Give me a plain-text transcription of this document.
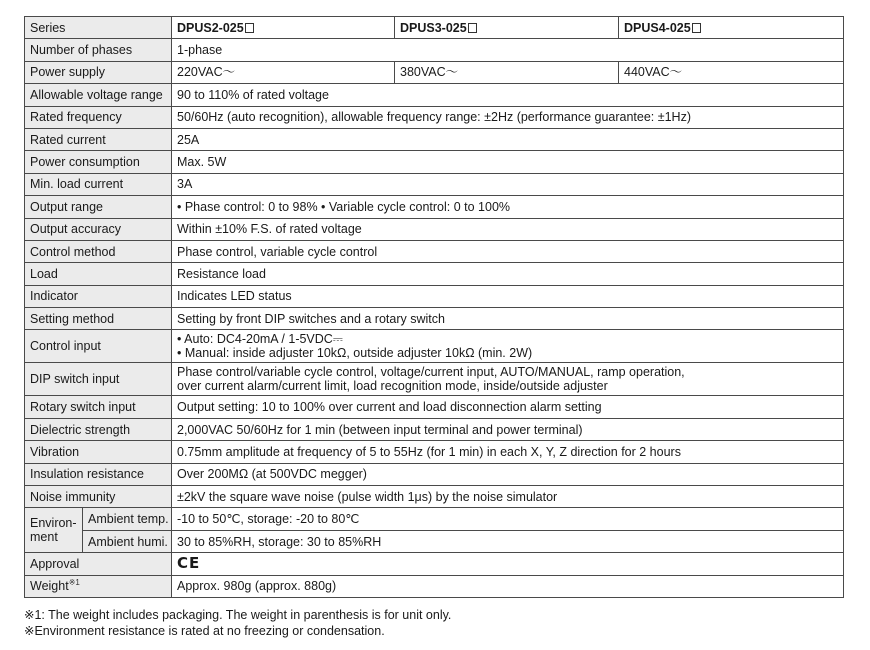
Series		DPUS2-025	DPUS3-025	DPUS4-025
Number of phases		1-phase		
Power supply		220VAC～	380VAC～	440VAC～
Allowable voltage range		90 to 110% of rated voltage		
Rated frequency		50/60Hz (auto recognition), allowable frequency range: ±2Hz (performance guarantee: ±1Hz)		
Rated current		25A		
Power consumption		Max. 5W		
Min. load current		3A		
Output range		• Phase control: 0 to 98% • Variable cycle control: 0 to 100%		
Output accuracy		Within ±10% F.S. of rated voltage		
Control method		Phase control, variable cycle control		
Load		Resistance load		
Indicator		Indicates LED status		
Setting method		Setting by front DIP switches and a rotary switch		
Control input		• Auto: DC4-20mA / 1-5VDC⎓
• Manual: inside adjuster 10kΩ, outside adjuster 10kΩ (min. 2W)		
DIP switch input		Phase control/variable cycle control, voltage/current input, AUTO/MANUAL, ramp operation,
over current alarm/current limit, load recognition mode, inside/outside adjuster		
Rotary switch input		Output setting: 10 to 100% over current and load disconnection alarm setting		
Dielectric strength		2,000VAC 50/60Hz for 1 min (between input terminal and power terminal)		
Vibration		0.75mm amplitude at frequency of 5 to 55Hz (for 1 min) in each X, Y, Z direction for 2 hours		
Insulation resistance		Over 200MΩ (at 500VDC megger)		
Noise immunity		±2kV the square wave noise (pulse width 1μs) by the noise simulator		
Environ-
ment	Ambient temp.	-10 to 50℃, storage: -20 to 80℃		
	Ambient humi.	30 to 85%RH, storage: 30 to 85%RH		
Approval		CE		
Weight$^{※1}$		Approx. 980g (approx. 880g)		
※1: The weight includes packaging. The weight in parenthesis is for unit only.
※Environment resistance is rated at no freezing or condensation.
